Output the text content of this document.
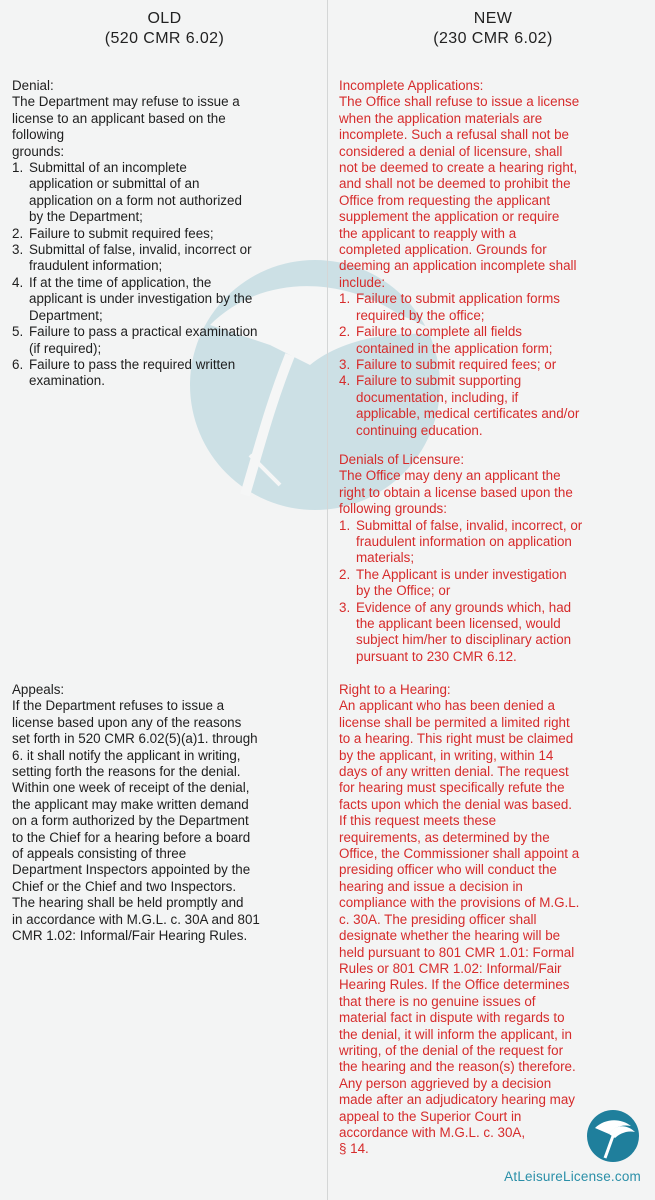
OLD
(520 CMR 6.02)
Denial:
The Department may refuse to issue a
license to an applicant based on the
following
grounds:
1. Submittal of an incomplete
application or submittal of an
application on a form not authorized
by the Department;
2. Failure to submit required fees;
3. Submittal of false, invalid, incorrect or
fraudulent information;
4. If at the time of application, the
applicant is under investigation by the
Department;
5. Failure to pass a practical examination
(if required);
6. Failure to pass the required written
examination.
Appeals:
If the Department refuses to issue a
license based upon any of the reasons
set forth in 520 CMR 6.02(5)(a)1. through
6. it shall notify the applicant in writing,
setting forth the reasons for the denial.
Within one week of receipt of the denial,
the applicant may make written demand
on a form authorized by the Department
to the Chief for a hearing before a board
of appeals consisting of three
Department Inspectors appointed by the
Chief or the Chief and two Inspectors.
The hearing shall be held promptly and
in accordance with M.G.L. c. 30A and 801
CMR 1.02: Informal/Fair Hearing Rules.
NEW
(230 CMR 6.02)
Incomplete Applications:
The Office shall refuse to issue a license
when the application materials are
incomplete. Such a refusal shall not be
considered a denial of licensure, shall
not be deemed to create a hearing right,
and shall not be deemed to prohibit the
Office from requesting the applicant
supplement the application or require
the applicant to reapply with a
completed application. Grounds for
deeming an application incomplete shall
include:
1. Failure to submit application forms
required by the office;
2. Failure to complete all fields
contained in the application form;
3. Failure to submit required fees; or
4. Failure to submit supporting
documentation, including, if
applicable, medical certificates and/or
continuing education.
Denials of Licensure:
The Office may deny an applicant the
right to obtain a license based upon the
following grounds:
1. Submittal of false, invalid, incorrect, or
fraudulent information on application
materials;
2. The Applicant is under investigation
by the Office; or
3. Evidence of any grounds which, had
the applicant been licensed, would
subject him/her to disciplinary action
pursuant to 230 CMR 6.12.
Right to a Hearing:
An applicant who has been denied a
license shall be permited a limited right
to a hearing. This right must be claimed
by the applicant, in writing, within 14
days of any written denial. The request
for hearing must specifically refute the
facts upon which the denial was based.
If this request meets these
requirements, as determined by the
Office, the Commissioner shall appoint a
presiding officer who will conduct the
hearing and issue a decision in
compliance with the provisions of M.G.L.
c. 30A. The presiding officer shall
designate whether the hearing will be
held pursuant to 801 CMR 1.01: Formal
Rules or 801 CMR 1.02: Informal/Fair
Hearing Rules. If the Office determines
that there is no genuine issues of
material fact in dispute with regards to
the denial, it will inform the applicant, in
writing, of the denial of the request for
the hearing and the reason(s) therefore.
Any person aggrieved by a decision
made after an adjudicatory hearing may
appeal to the Superior Court in
accordance with M.G.L. c. 30A,
§ 14.
AtLeisureLicense.com
